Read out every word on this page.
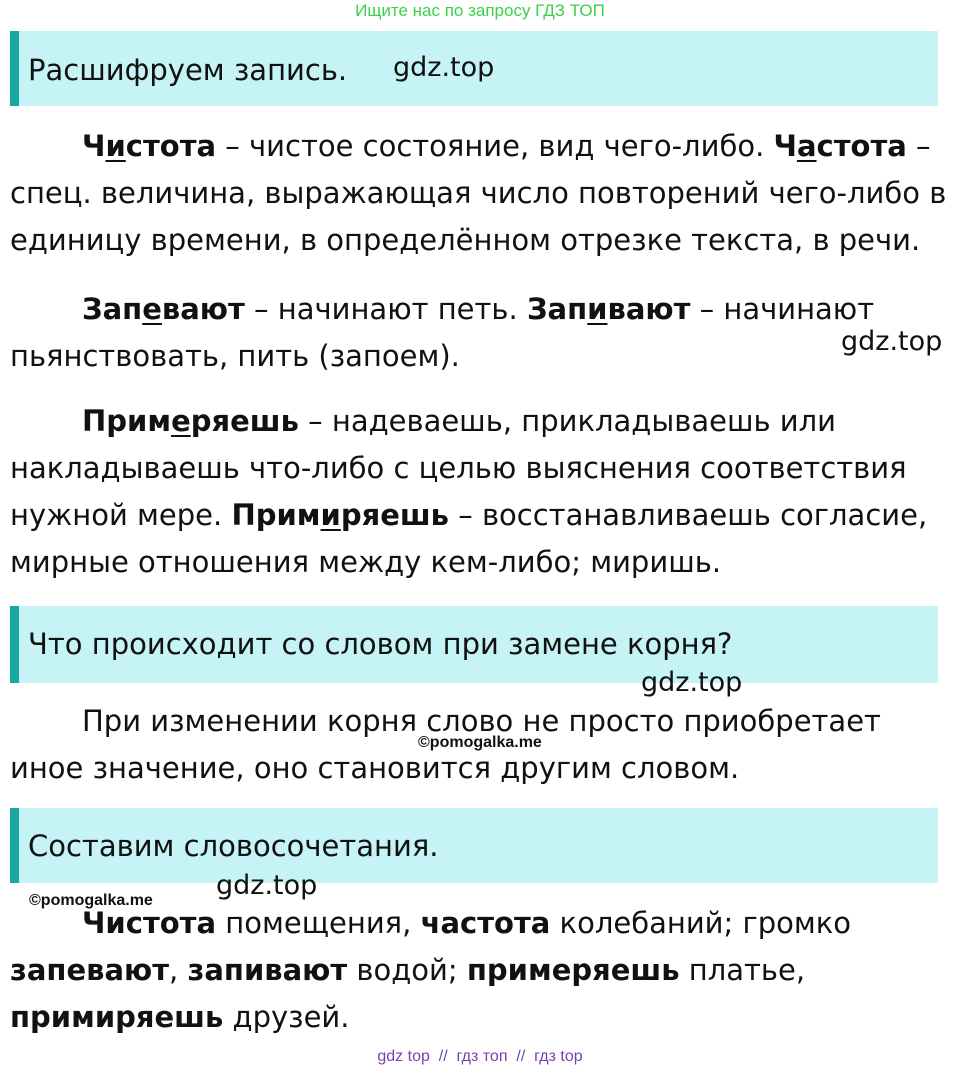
Ищите нас по запросу ГДЗ ТОП
Расшифруем запись. gdz.top
Чистота – чистое состояние, вид чего-либо. Частота –
спец. величина, выражающая число повторений чего-либо в
единицу времени, в определённом отрезке текста, в речи.
Запевают – начинают петь. Запивают – начинают
пьянствовать, пить (запоем).	gdz.top
Примеряешь – надеваешь, прикладываешь или
накладываешь что-либо с целью выяснения соответствия
нужной мере. Примиряешь – восстанавливаешь согласие,
мирные отношения между кем-либо; миришь.
Что происходит со словом при замене корня?
gdz.top
При изменении корня слово не просто приобретает
иное значение, оно становится другим словом.
©pomogalka.me
Составим словосочетания.
©pomogalka.me gdz.top
Чистота помещения, частота колебаний; громко
запевают, запивают водой; примеряешь платье,
примиряешь друзей.
gdz top  //  гдз топ  //  гдз top
